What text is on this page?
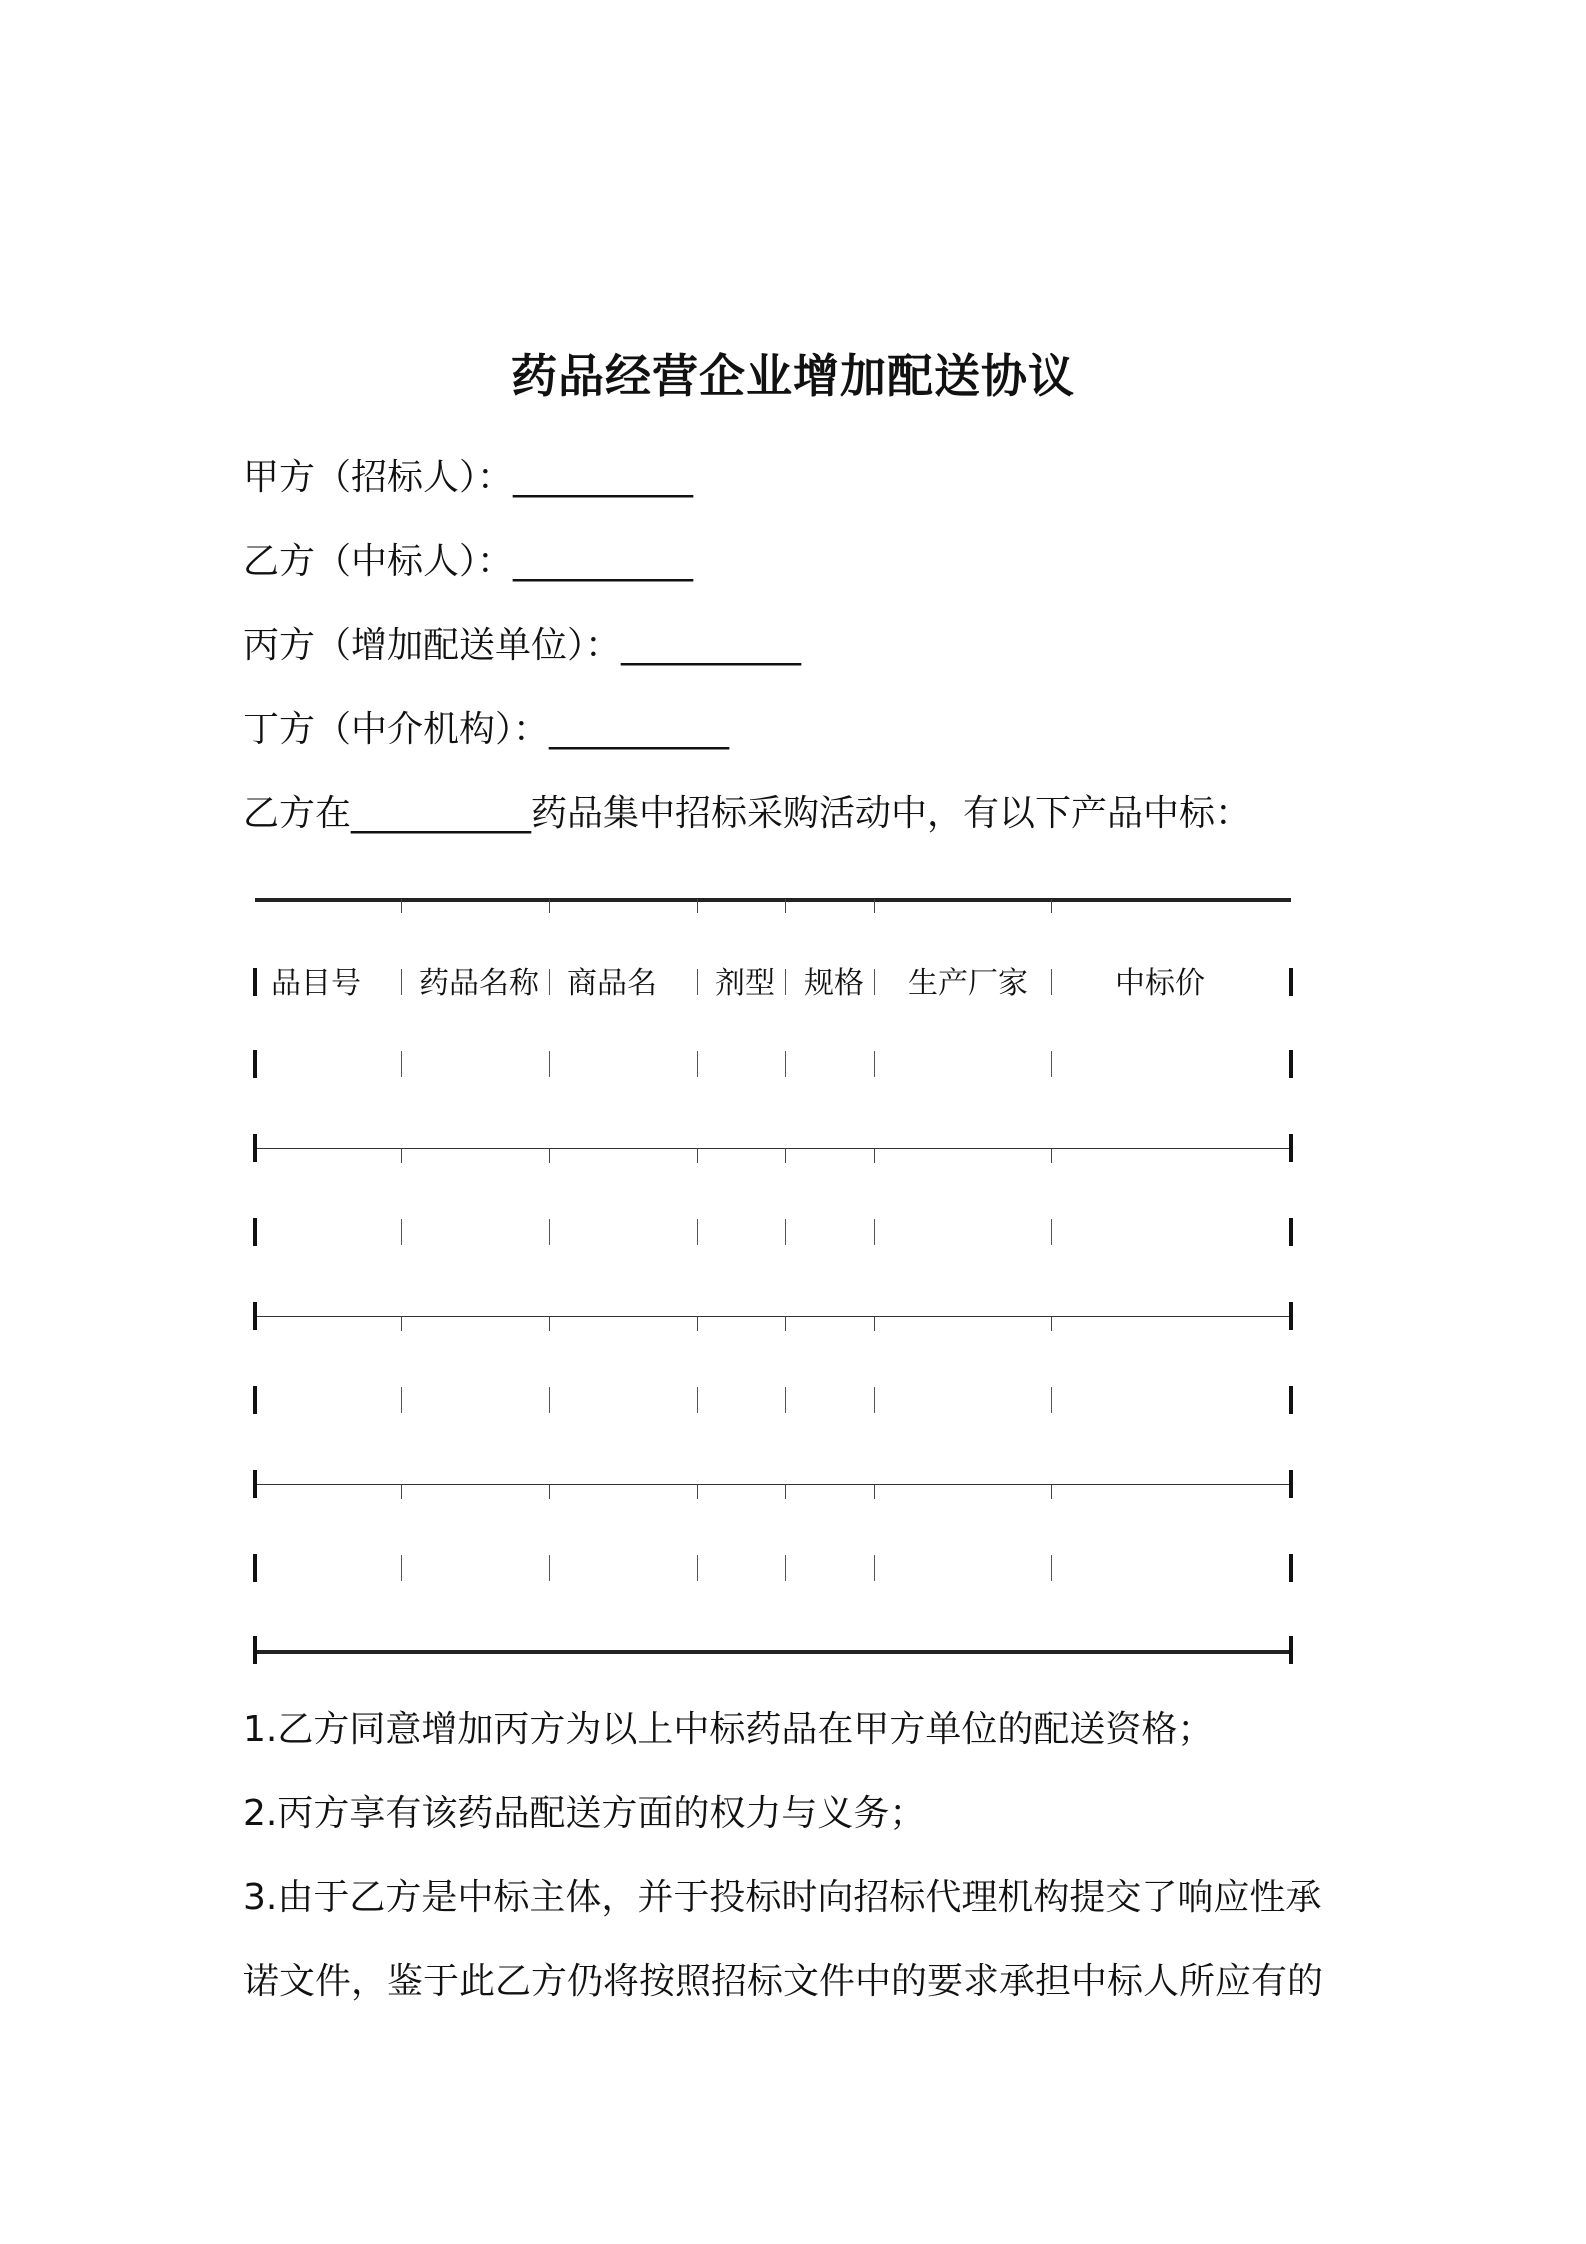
药品经营企业增加配送协议
甲方（招标人）：__________
乙方（中标人）：__________
丙方（增加配送单位）：__________
丁方（中介机构）：__________
乙方在__________药品集中招标采购活动中，有以下产品中标：
品目号 药品名称 商品名 剂型 规格 生产厂家	中标价
1.乙方同意增加丙方为以上中标药品在甲方单位的配送资格；
2.丙方享有该药品配送方面的权力与义务；
3.由于乙方是中标主体，并于投标时向招标代理机构提交了响应性承
诺文件，鉴于此乙方仍将按照招标文件中的要求承担中标人所应有的
